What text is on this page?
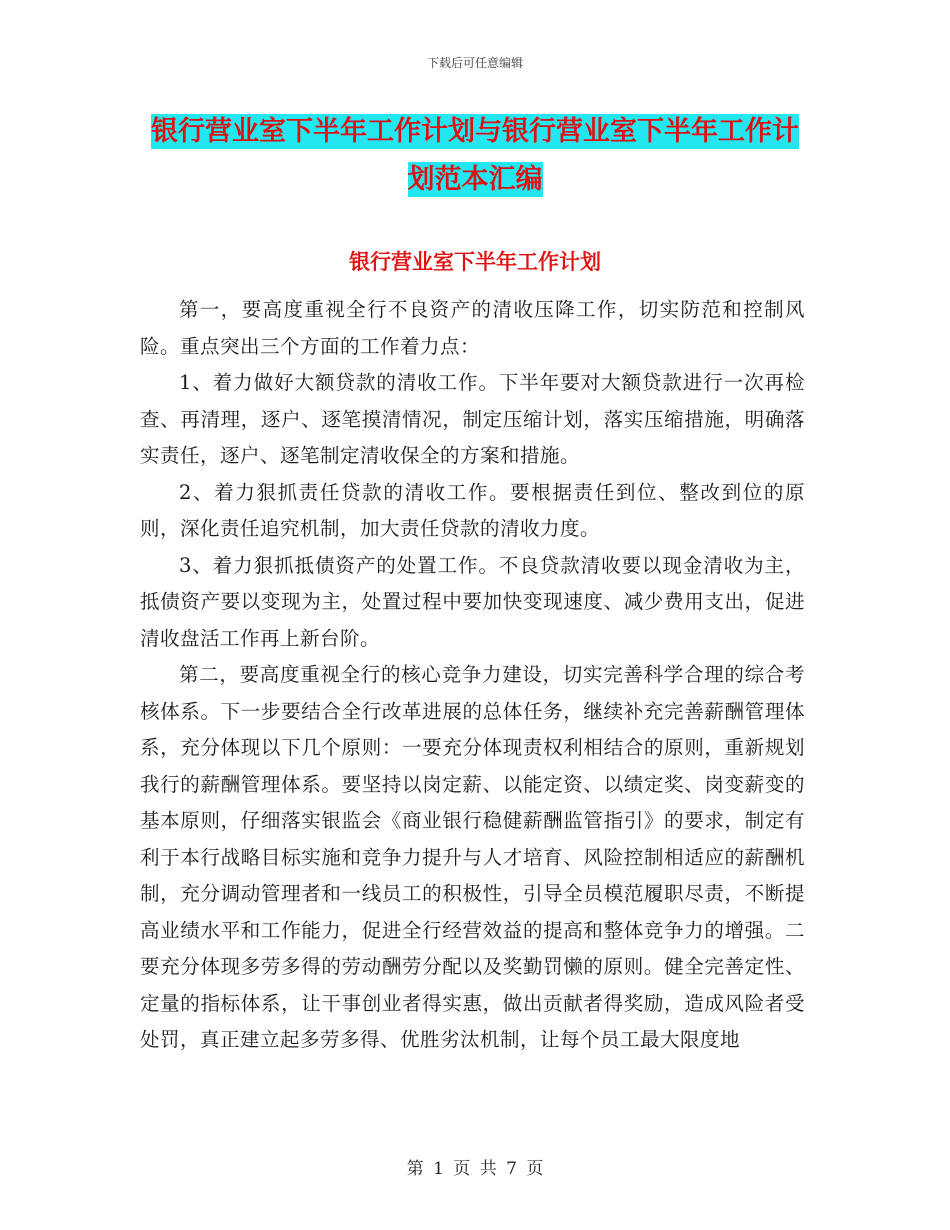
下载后可任意编辑
银行营业室下半年工作计划与银行营业室下半年工作计划范本汇编
银行营业室下半年工作计划

第一，要高度重视全行不良资产的清收压降工作，切实防范和控制风险。重点突出三个方面的工作着力点：

1、着力做好大额贷款的清收工作。下半年要对大额贷款进行一次再检查、再清理，逐户、逐笔摸清情况，制定压缩计划，落实压缩措施，明确落实责任，逐户、逐笔制定清收保全的方案和措施。

2、着力狠抓责任贷款的清收工作。要根据责任到位、整改到位的原则，深化责任追究机制，加大责任贷款的清收力度。

3、着力狠抓抵债资产的处置工作。不良贷款清收要以现金清收为主，抵债资产要以变现为主，处置过程中要加快变现速度、减少费用支出，促进清收盘活工作再上新台阶。

第二，要高度重视全行的核心竞争力建设，切实完善科学合理的综合考核体系。下一步要结合全行改革进展的总体任务，继续补充完善薪酬管理体系，充分体现以下几个原则：一要充分体现责权利相结合的原则，重新规划我行的薪酬管理体系。要坚持以岗定薪、以能定资、以绩定奖、岗变薪变的基本原则，仔细落实银监会《商业银行稳健薪酬监管指引》的要求，制定有利于本行战略目标实施和竞争力提升与人才培育、风险控制相适应的薪酬机制，充分调动管理者和一线员工的积极性，引导全员模范履职尽责，不断提高业绩水平和工作能力，促进全行经营效益的提高和整体竞争力的增强。二要充分体现多劳多得的劳动酬劳分配以及奖勤罚懒的原则。健全完善定性、定量的指标体系，让干事创业者得实惠，做出贡献者得奖励，造成风险者受处罚，真正建立起多劳多得、优胜劣汰机制，让每个员工最大限度地

第 1 页 共 7 页
